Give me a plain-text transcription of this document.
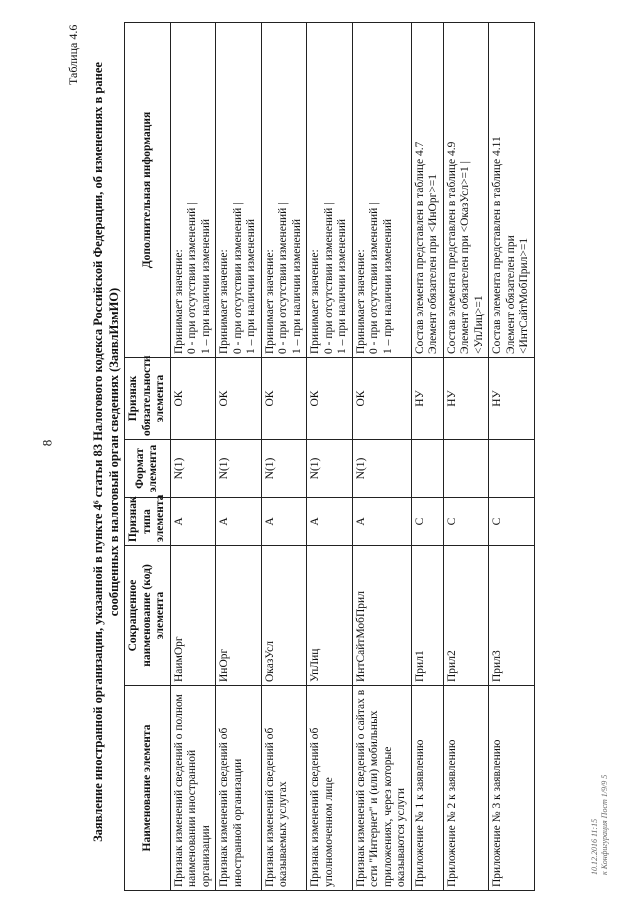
8
Таблица 4.6
Заявление иностранной организации, указанной в пункте 4⁶ статьи 83 Налогового кодекса Российской Федерации, об изменениях в ранее сообщенных в налоговый орган сведениях (ЗаявлИзмИО)
Наименование элемента	Сокращенное наименование (код) элемента	Признак типа элемента	Формат элемента	Признак обязательности элемента	Дополнительная информация
Признак изменений сведений о полном наименовании иностранной организации	НаимОрг	А	N(1)	ОК	Принимает значение: 0 - при отсутствии изменений | 1 – при наличии изменений

Признак изменений сведений об иностранной организации	ИнОрг	А	N(1)	ОК	Принимает значение: 0 - при отсутствии изменений | 1 – при наличии изменений

Признак изменений сведений об оказываемых услугах	ОказУсл	А	N(1)	ОК	Принимает значение: 0 - при отсутствии изменений | 1 – при наличии изменений

Признак изменений сведений об уполномоченном лице	УпЛиц	А	N(1)	ОК	Принимает значение: 0 - при отсутствии изменений | 1 – при наличии изменений

Признак изменений сведений о сайтах в сети "Интернет" и (или) мобильных приложениях, через которые оказываются услуги	ИнтСайтМобПрил	А	N(1)	ОК	Принимает значение: 0 - при отсутствии изменений | 1 – при наличии изменений

Приложение № 1 к заявлению	Прил1	С		НУ	Состав элемента представлен в таблице 4.7 Элемент обязателен при <ИнОрг>=1

Приложение № 2 к заявлению	Прил2	С		НУ	Состав элемента представлен в таблице 4.9 Элемент обязателен при <ОказУсл>=1 | <УпЛиц>=1

Приложение № 3 к заявлению	Прил3	С		НУ	Состав элемента представлен в таблице 4.11 Элемент обязателен при <ИнтСайтМобПрил>=1
10.12.2016 11:15 к Конфигурация Пост 1/9/9 5
